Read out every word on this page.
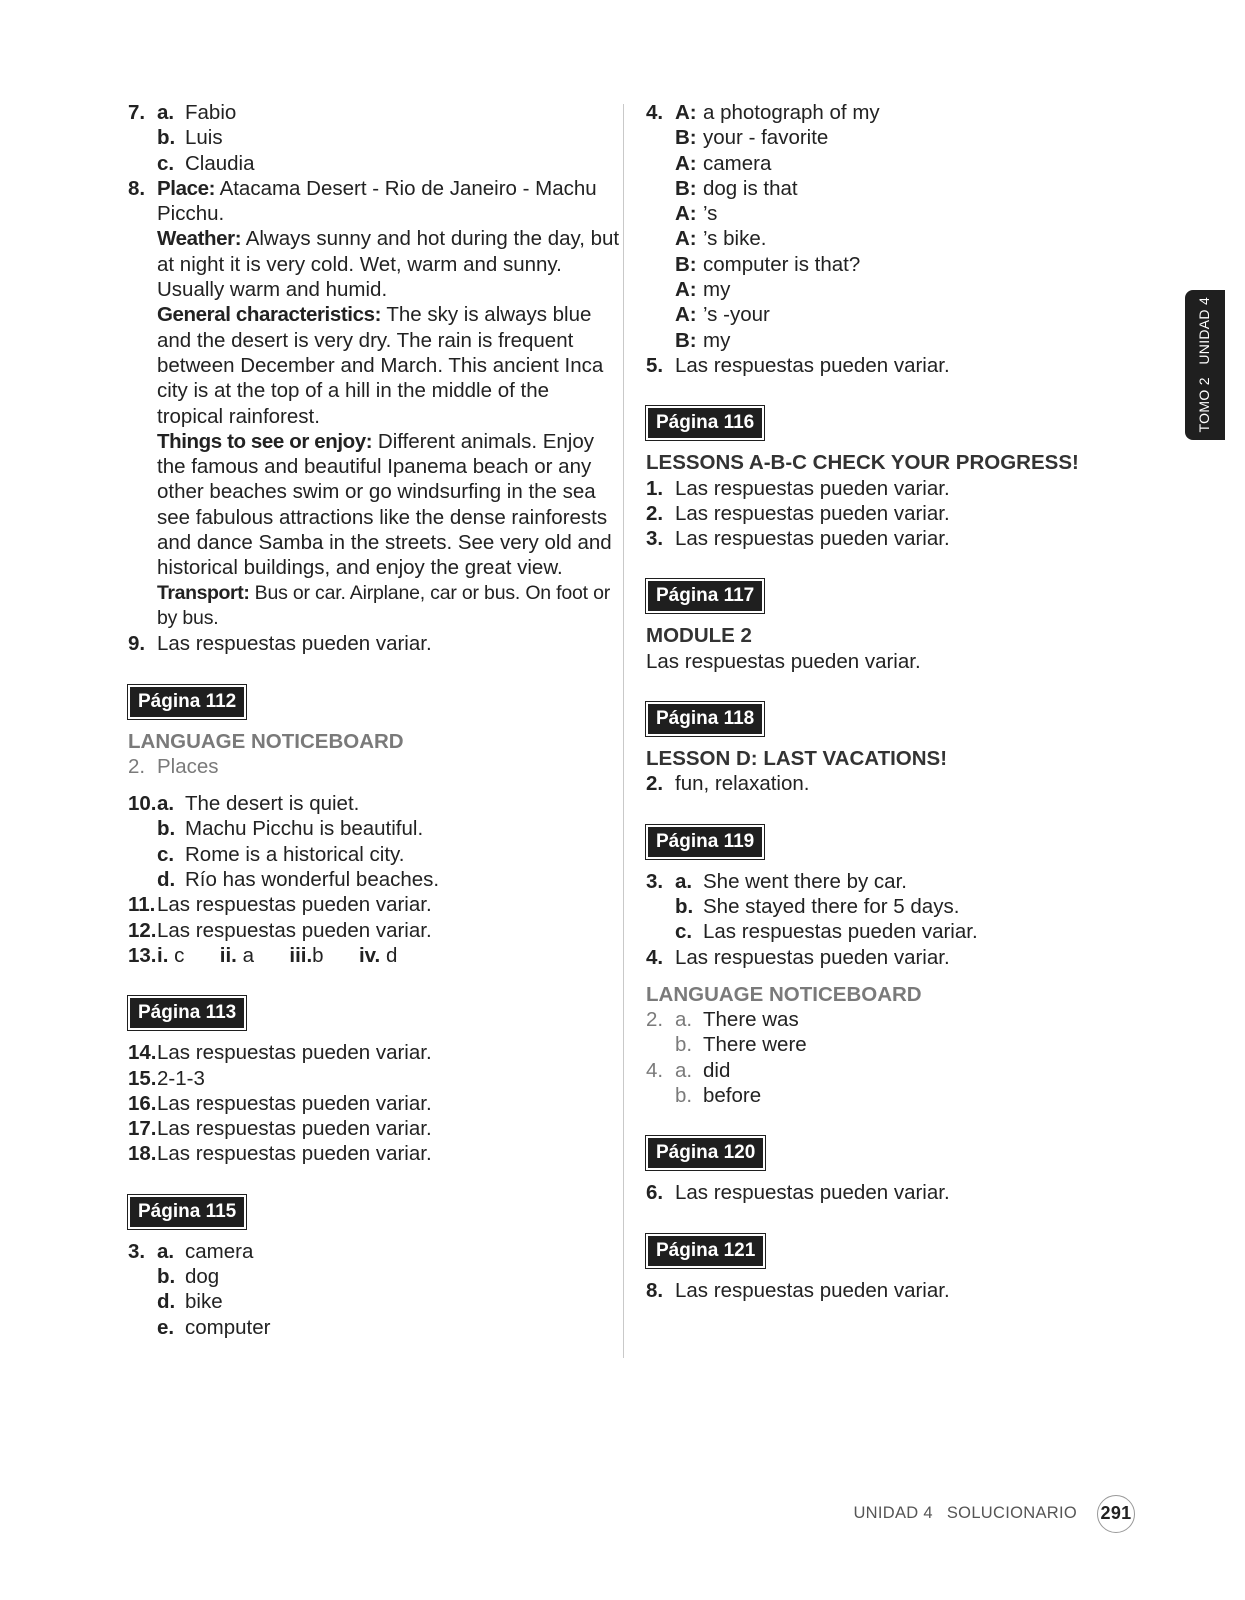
7. a. Fabio
b. Luis
c. Claudia
8. Place: Atacama Desert - Rio de Janeiro - Machu Picchu.
Weather: Always sunny and hot during the day, but at night it is very cold. Wet, warm and sunny. Usually warm and humid.
General characteristics: The sky is always blue and the desert is very dry. The rain is frequent between December and March. This ancient Inca city is at the top of a hill in the middle of the tropical rainforest.
Things to see or enjoy: Different animals. Enjoy the famous and beautiful Ipanema beach or any other beaches swim or go windsurfing in the sea see fabulous attractions like the dense rainforests and dance Samba in the streets. See very old and historical buildings, and enjoy the great view.
Transport: Bus or car. Airplane, car or bus. On foot or by bus.
9. Las respuestas pueden variar.
Página 112
LANGUAGE NOTICEBOARD
2. Places
10. a. The desert is quiet.
b. Machu Picchu is beautiful.
c. Rome is a historical city.
d. Río has wonderful beaches.
11. Las respuestas pueden variar.
12. Las respuestas pueden variar.
13. i. c ii. a iii.b iv. d
Página 113
14. Las respuestas pueden variar.
15. 2-1-3
16. Las respuestas pueden variar.
17. Las respuestas pueden variar.
18. Las respuestas pueden variar.
Página 115
3. a. camera
b. dog
d. bike
e. computer
4. A: a photograph of my
B: your - favorite
A: camera
B: dog is that
A: ’s
A: ’s bike.
B: computer is that?
A: my
A: ’s -your
B: my
5. Las respuestas pueden variar.
Página 116
LESSONS A-B-C CHECK YOUR PROGRESS!
1. Las respuestas pueden variar.
2. Las respuestas pueden variar.
3. Las respuestas pueden variar.
Página 117
MODULE 2
Las respuestas pueden variar.
Página 118
LESSON D: LAST VACATIONS!
2. fun, relaxation.
Página 119
3. a. She went there by car.
b. She stayed there for 5 days.
c. Las respuestas pueden variar.
4. Las respuestas pueden variar.
LANGUAGE NOTICEBOARD
2. a. There was
b. There were
4. a. did
b. before
Página 120
6. Las respuestas pueden variar.
Página 121
8. Las respuestas pueden variar.
TOMO 2   UNIDAD 4
UNIDAD 4 SOLUCIONARIO 291
